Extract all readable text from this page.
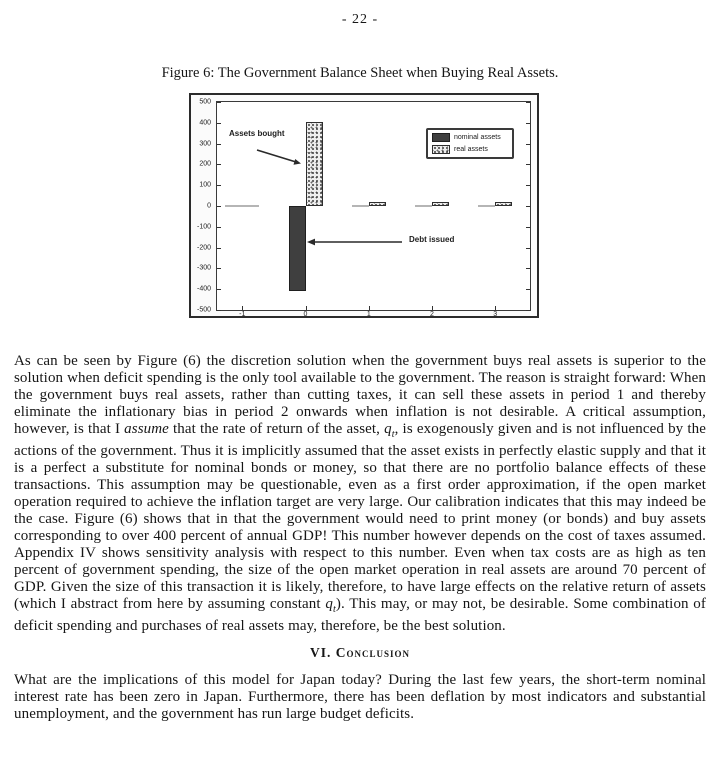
- 22 -
Figure 6: The Government Balance Sheet when Buying Real Assets.
500
400
300
200
100
0
-100
-200
-300
-400
-500
Assets bought
Debt issued
nominal assets
real assets
-1	0	1	2	3

As can be seen by Figure (6) the discretion solution when the government buys real assets is superior to the solution when deficit spending is the only tool available to the government. The reason is straight forward: When the government buys real assets, rather than cutting taxes, it can sell these assets in period 1 and thereby eliminate the inflationary bias in period 2 onwards when inflation is not desirable. A critical assumption, however, is that I assume that the rate of return of the asset, $q_t$, is exogenously given and is not influenced by the actions of the government. Thus it is implicitly assumed that the asset exists in perfectly elastic supply and that it is a perfect a substitute for nominal bonds or money, so that there are no portfolio balance effects of these transactions. This assumption may be questionable, even as a first order approximation, if the open market operation required to achieve the inflation target are very large. Our calibration indicates that this may indeed be the case. Figure (6) shows that in that the government would need to print money (or bonds) and buy assets corresponding to over 400 percent of annual GDP! This number however depends on the cost of taxes assumed. Appendix IV shows sensitivity analysis with respect to this number. Even when tax costs are as high as ten percent of government spending, the size of the open market operation in real assets are around 70 percent of GDP. Given the size of this transaction it is likely, therefore, to have large effects on the relative return of assets (which I abstract from here by assuming constant $q_t$). This may, or may not, be desirable. Some combination of deficit spending and purchases of real assets may, therefore, be the best solution.

VI. Conclusion

What are the implications of this model for Japan today? During the last few years, the short-term nominal interest rate has been zero in Japan. Furthermore, there has been deflation by most indicators and substantial unemployment, and the government has run large budget deficits.
